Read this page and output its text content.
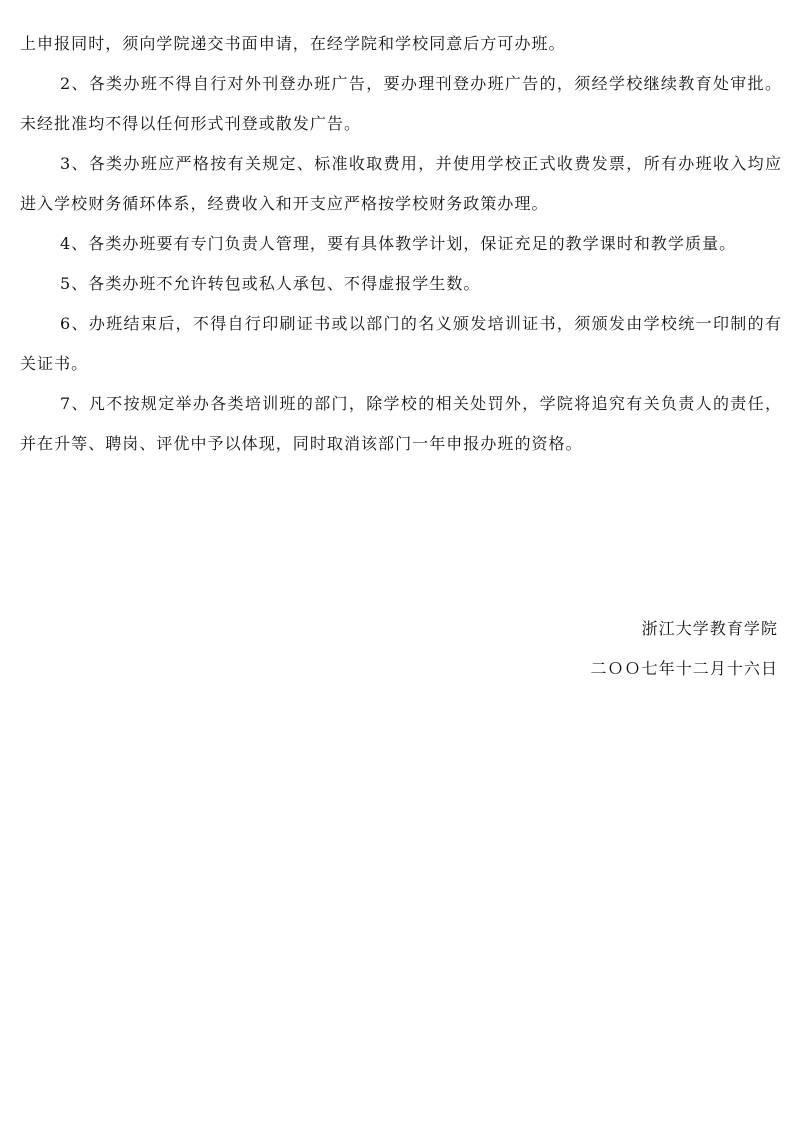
上申报同时，须向学院递交书面申请，在经学院和学校同意后方可办班。

2、各类办班不得自行对外刊登办班广告，要办理刊登办班广告的，须经学校继续教育处审批。未经批准均不得以任何形式刊登或散发广告。

3、各类办班应严格按有关规定、标准收取费用，并使用学校正式收费发票，所有办班收入均应进入学校财务循环体系，经费收入和开支应严格按学校财务政策办理。

4、各类办班要有专门负责人管理，要有具体教学计划，保证充足的教学课时和教学质量。

5、各类办班不允许转包或私人承包、不得虚报学生数。

6、办班结束后，不得自行印刷证书或以部门的名义颁发培训证书，须颁发由学校统一印制的有关证书。

7、凡不按规定举办各类培训班的部门，除学校的相关处罚外，学院将追究有关负责人的责任，并在升等、聘岗、评优中予以体现，同时取消该部门一年申报办班的资格。

浙江大学教育学院
二ＯＯ七年十二月十六日
